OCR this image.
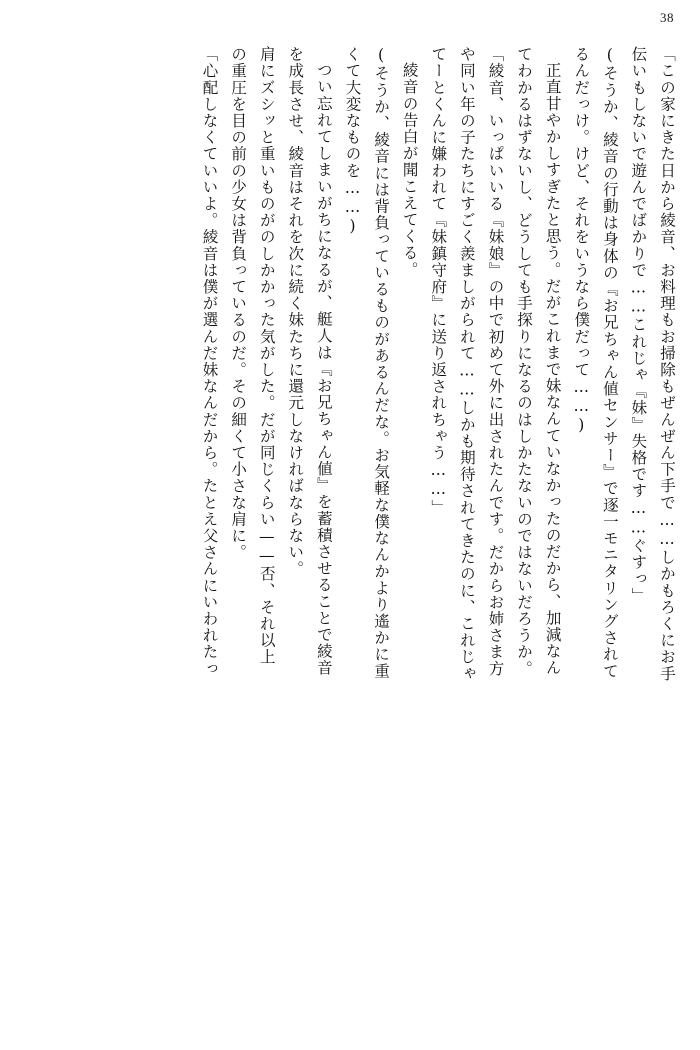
38
「この家にきた日から綾音、お料理もお掃除もぜんぜん下手で……しかもろくにお手
伝いもしないで遊んでばかりで……これじゃ『妹』失格です……ぐすっ」
(そうか、綾音の行動は身体の『お兄ちゃん値センサー』で逐一モニタリングされて
るんだっけ。けど、それをいうなら僕だって……)
正直甘やかしすぎたと思う。だがこれまで妹なんていなかったのだから、加減なん
てわかるはずないし、どうしても手探りになるのはしかたないのではないだろうか。
「綾音、いっぱいいる『妹娘』の中で初めて外に出されたんです。だからお姉さま方
や同い年の子たちにすごく羨ましがられて……しかも期待されてきたのに、これじゃ
てーとくんに嫌われて『妹鎮守府』に送り返されちゃう……」
綾音の告白が聞こえてくる。
(そうか、綾音には背負っているものがあるんだな。お気軽な僕なんかより遙かに重
くて大変なものを……)
つい忘れてしまいがちになるが、艇人は『お兄ちゃん値』を蓄積させることで綾音
を成長させ、綾音はそれを次に続く妹たちに還元しなければならない。
肩にズシッと重いものがのしかかった気がした。だが同じくらい——否、それ以上
の重圧を目の前の少女は背負っているのだ。その細くて小さな肩に。
「心配しなくていいよ。綾音は僕が選んだ妹なんだから。たとえ父さんにいわれたっ
